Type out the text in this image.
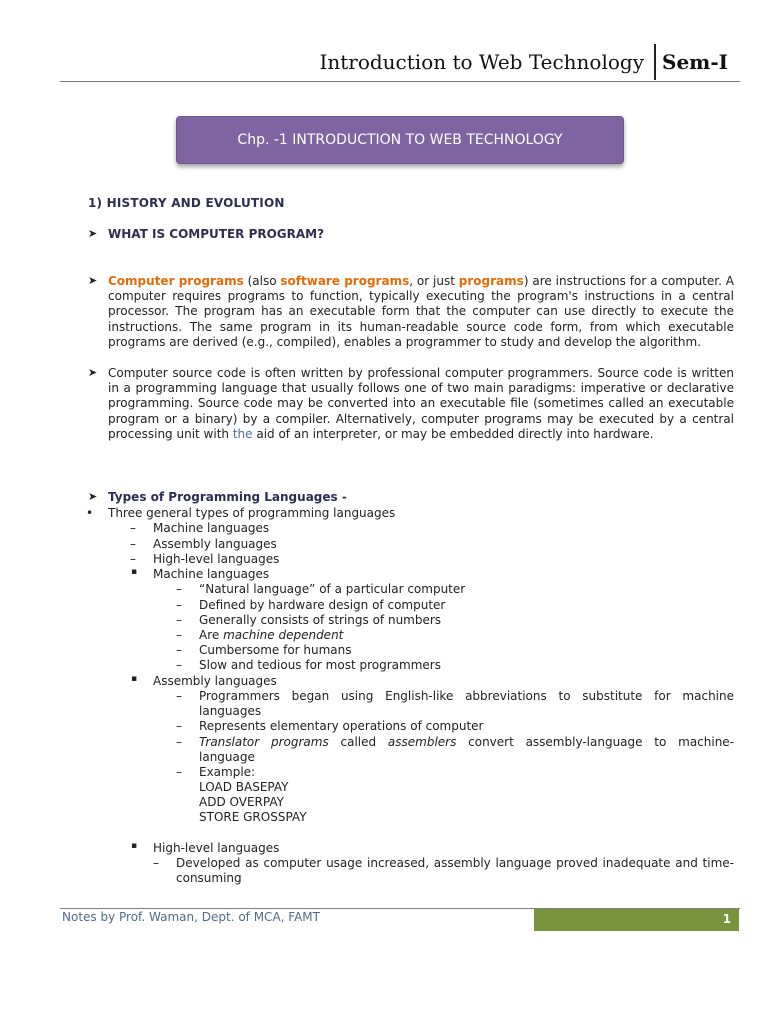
Introduction to Web Technology Sem-I
Chp. -1 INTRODUCTION TO WEB TECHNOLOGY
1) HISTORY AND EVOLUTION
➤ WHAT IS COMPUTER PROGRAM?
➤ Computer programs (also software programs, or just programs) are instructions for a computer. A computer requires programs to function, typically executing the program's instructions in a central processor. The program has an executable form that the computer can use directly to execute the instructions. The same program in its human-readable source code form, from which executable programs are derived (e.g., compiled), enables a programmer to study and develop the algorithm.
➤ Computer source code is often written by professional computer programmers. Source code is written in a programming language that usually follows one of two main paradigms: imperative or declarative programming. Source code may be converted into an executable file (sometimes called an executable program or a binary) by a compiler. Alternatively, computer programs may be executed by a central processing unit with the aid of an interpreter, or may be embedded directly into hardware.
➤ Types of Programming Languages -
• Three general types of programming languages
– Machine languages
– Assembly languages
– High-level languages
▪ Machine languages
– “Natural language” of a particular computer
– Defined by hardware design of computer
– Generally consists of strings of numbers
– Are machine dependent
– Cumbersome for humans
– Slow and tedious for most programmers
▪ Assembly languages
– Programmers began using English-like abbreviations to substitute for machine languages
– Represents elementary operations of computer
– Translator programs called assemblers convert assembly-language to machine-language
– Example:
LOAD BASEPAY
ADD OVERPAY
STORE GROSSPAY
▪ High-level languages
– Developed as computer usage increased, assembly language proved inadequate and time-consuming
Notes by Prof. Waman, Dept. of MCA, FAMT	1
